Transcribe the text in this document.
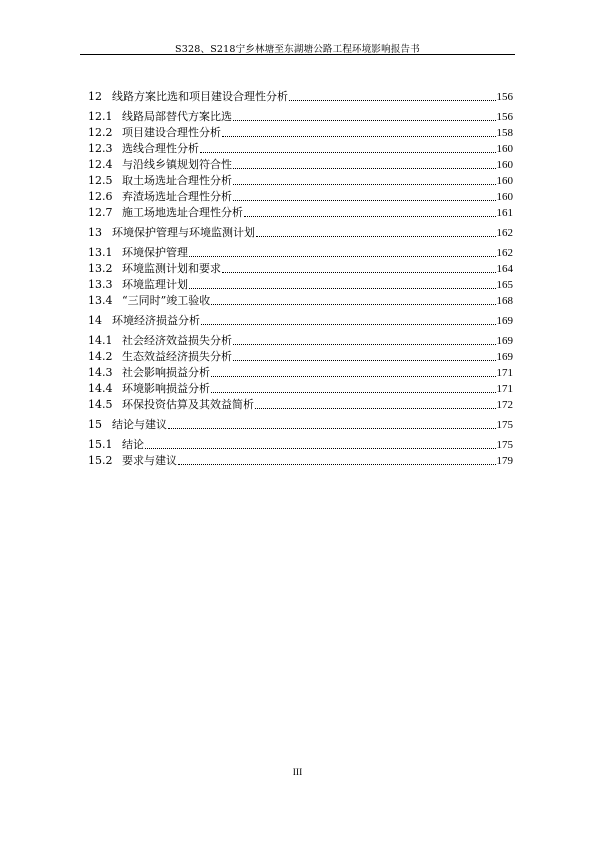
S328、S218宁乡林塘至东湖塘公路工程环境影响报告书
12 线路方案比选和项目建设合理性分析	156
12.1 线路局部替代方案比选	156
12.2 项目建设合理性分析	158
12.3 选线合理性分析	160
12.4 与沿线乡镇规划符合性	160
12.5 取土场选址合理性分析	160
12.6 弃渣场选址合理性分析	160
12.7 施工场地选址合理性分析	161
13 环境保护管理与环境监测计划	162
13.1 环境保护管理	162
13.2 环境监测计划和要求	164
13.3 环境监理计划	165
13.4 “三同时”竣工验收	168
14 环境经济损益分析	169
14.1 社会经济效益损失分析	169
14.2 生态效益经济损失分析	169
14.3 社会影响损益分析	171
14.4 环境影响损益分析	171
14.5 环保投资估算及其效益简析	172
15 结论与建议	175
15.1 结论	175
15.2 要求与建议	179
III
